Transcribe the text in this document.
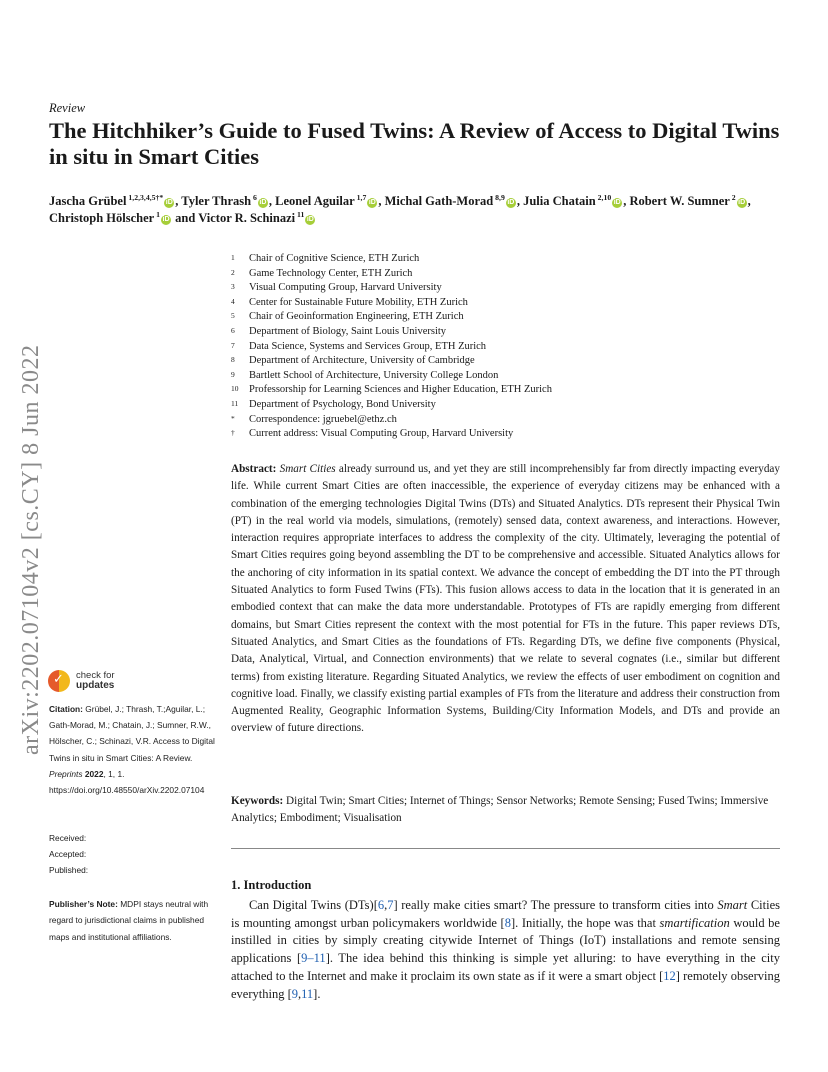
arXiv:2202.07104v2 [cs.CY] 8 Jun 2022
Review
The Hitchhiker’s Guide to Fused Twins: A Review of Access to Digital Twins in situ in Smart Cities
Jascha Grübel $^{1,2,3,4,5\dagger*}$iD , Tyler Thrash $^6$iD , Leonel Aguilar $^{1,7}$iD , Michal Gath-Morad $^{8,9}$iD , Julia Chatain $^{2,10}$iD , Robert W. Sumner $^2$iD , Christoph Hölscher $^1$iD and Victor R. Schinazi $^{11}$iD
1	Chair of Cognitive Science, ETH Zurich
2	Game Technology Center, ETH Zurich
3	Visual Computing Group, Harvard University
4	Center for Sustainable Future Mobility, ETH Zurich
5	Chair of Geoinformation Engineering, ETH Zurich
6	Department of Biology, Saint Louis University
7	Data Science, Systems and Services Group, ETH Zurich
8	Department of Architecture, University of Cambridge
9	Bartlett School of Architecture, University College London
10	Professorship for Learning Sciences and Higher Education, ETH Zurich
11	Department of Psychology, Bond University
*	Correspondence: jgruebel@ethz.ch
†	Current address: Visual Computing Group, Harvard University
Abstract: Smart Cities already surround us, and yet they are still incomprehensibly far from directly impacting everyday life. While current Smart Cities are often inaccessible, the experience of everyday citizens may be enhanced with a combination of the emerging technologies Digital Twins (DTs) and Situated Analytics. DTs represent their Physical Twin (PT) in the real world via models, simulations, (remotely) sensed data, context awareness, and interactions. However, interaction requires appropriate interfaces to address the complexity of the city. Ultimately, leveraging the potential of Smart Cities requires going beyond assembling the DT to be comprehensive and accessible. Situated Analytics allows for the anchoring of city information in its spatial context. We advance the concept of embedding the DT into the PT through Situated Analytics to form Fused Twins (FTs). This fusion allows access to data in the location that it is generated in an embodied context that can make the data more understandable. Prototypes of FTs are rapidly emerging from different domains, but Smart Cities represent the context with the most potential for FTs in the future. This paper reviews DTs, Situated Analytics, and Smart Cities as the foundations of FTs. Regarding DTs, we define five components (Physical, Data, Analytical, Virtual, and Connection environments) that we relate to several cognates (i.e., similar but different terms) from existing literature. Regarding Situated Analytics, we review the effects of user embodiment on cognition and cognitive load. Finally, we classify existing partial examples of FTs from the literature and address their construction from Augmented Reality, Geographic Information Systems, Building/City Information Models, and DTs and provide an overview of future directions.
Keywords: Digital Twin; Smart Cities; Internet of Things; Sensor Networks; Remote Sensing; Fused Twins; Immersive Analytics; Embodiment; Visualisation
1. Introduction
Can Digital Twins (DTs)[6,7] really make cities smart? The pressure to transform cities into Smart Cities is mounting amongst urban policymakers worldwide [8]. Initially, the hope was that smartification would be instilled in cities by simply creating citywide Internet of Things (IoT) installations and remote sensing applications [9–11]. The idea behind this thinking is simple yet alluring: to have everything in the city attached to the Internet and make it proclaim its own state as if it were a smart object [12] remotely observing everything [9,11].
✓
check for
updates
Citation: Grübel, J.; Thrash, T.;Aguilar, L.; Gath-Morad, M.; Chatain, J.; Sumner, R.W., Hölscher, C.; Schinazi, V.R. Access to Digital Twins in situ in Smart Cities: A Review. Preprints 2022, 1, 1. https://doi.org/10.48550/arXiv.2202.07104
Received:
Accepted:
Published:
Publisher’s Note: MDPI stays neutral with regard to jurisdictional claims in published maps and institutional affiliations.
